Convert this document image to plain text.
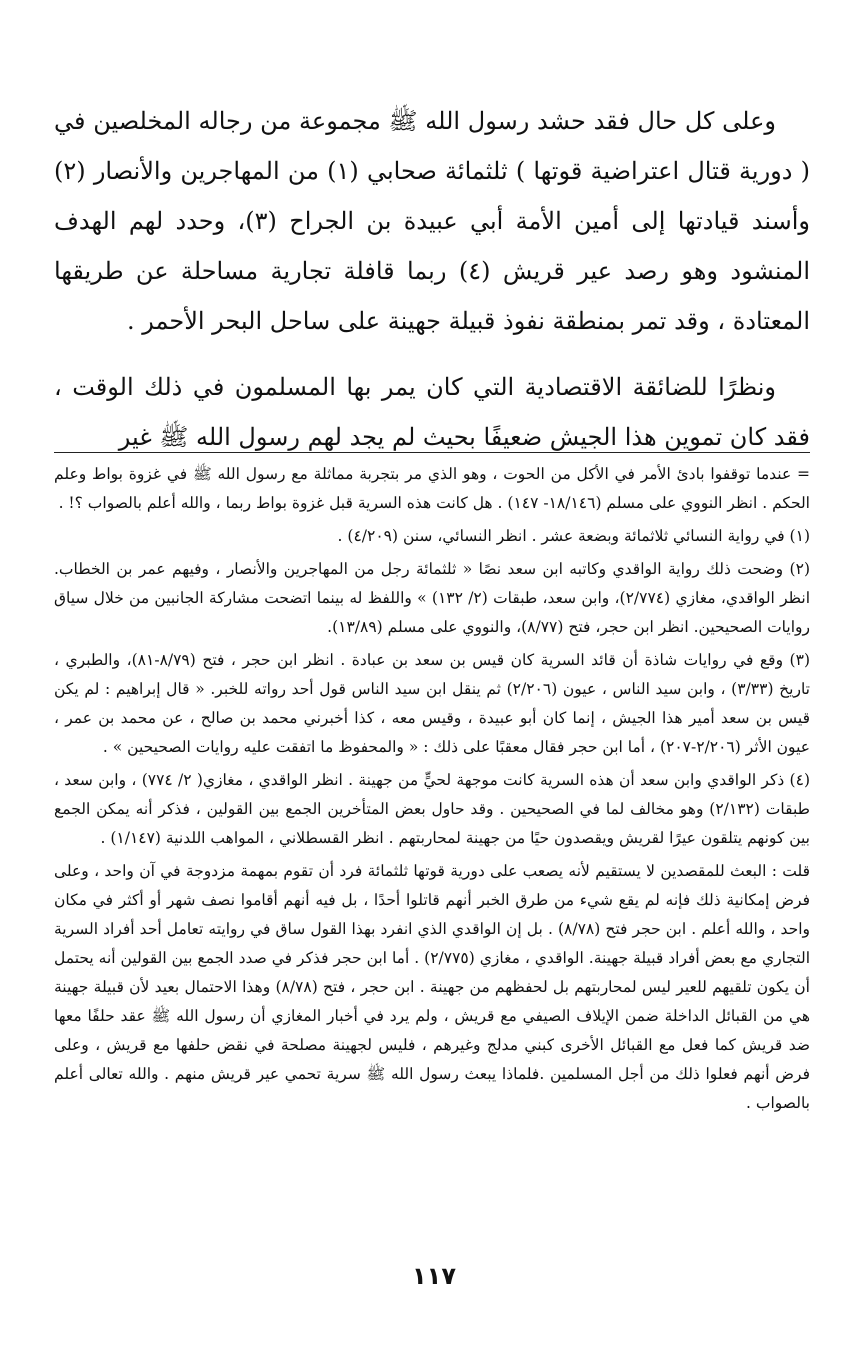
وعلى كل حال فقد حشد رسول الله ﷺ مجموعة من رجاله المخلصين في ( دورية قتال اعتراضية قوتها ) ثلثمائة صحابي (١) من المهاجرين والأنصار (٢) وأسند قيادتها إلى أمين الأمة أبي عبيدة بن الجراح (٣)، وحدد لهم الهدف المنشود وهو رصد عير قريش (٤) ربما قافلة تجارية مساحلة عن طريقها المعتادة ، وقد تمر بمنطقة نفوذ قبيلة جهينة على ساحل البحر الأحمر .

ونظرًا للضائقة الاقتصادية التي كان يمر بها المسلمون في ذلك الوقت ، فقد كان تموين هذا الجيش ضعيفًا بحيث لم يجد لهم رسول الله ﷺ غير

= عندما توقفوا بادئ الأمر في الأكل من الحوت ، وهو الذي مر بتجربة مماثلة مع رسول الله ﷺ في غزوة بواط وعلم الحكم . انظر النووي على مسلم (١٨/١٤٦- ١٤٧) . هل كانت هذه السرية قبل غزوة بواط ربما ، والله أعلم بالصواب ؟! .

(١) في رواية النسائي ثلاثمائة وبضعة عشر . انظر النسائي، سنن (٤/٢٠٩) .

(٢) وضحت ذلك رواية الواقدي وكاتبه ابن سعد نصًا « ثلثمائة رجل من المهاجرين والأنصار ، وفيهم عمر بن الخطاب. انظر الواقدي، مغازي (٢/٧٧٤)، وابن سعد، طبقات (٢/ ١٣٢) » واللفظ له بينما اتضحت مشاركة الجانبين من خلال سياق روايات الصحيحين. انظر ابن حجر، فتح (٨/٧٧)، والنووي على مسلم (١٣/٨٩).

(٣) وقع في روايات شاذة أن قائد السرية كان قيس بن سعد بن عبادة . انظر ابن حجر ، فتح (٨/٧٩-٨١)، والطبري ، تاريخ (٣/٣٣) ، وابن سيد الناس ، عيون (٢/٢٠٦) ثم ينقل ابن سيد الناس قول أحد رواته للخبر. « قال إبراهيم : لم يكن قيس بن سعد أمير هذا الجيش ، إنما كان أبو عبيدة ، وقيس معه ، كذا أخبرني محمد بن صالح ، عن محمد بن عمر ، عيون الأثر (٢/٢٠٦-٢٠٧) ، أما ابن حجر فقال معقبًا على ذلك : « والمحفوظ ما اتفقت عليه روايات الصحيحين » .

(٤) ذكر الواقدي وابن سعد أن هذه السرية كانت موجهة لحيٍّ من جهينة . انظر الواقدي ، مغازي( ٢/ ٧٧٤) ، وابن سعد ، طبقات (٢/١٣٢) وهو مخالف لما في الصحيحين . وقد حاول بعض المتأخرين الجمع بين القولين ، فذكر أنه يمكن الجمع بين كونهم يتلقون عيرًا لقريش ويقصدون حيًا من جهينة لمحاربتهم . انظر القسطلاني ، المواهب اللدنية (١/١٤٧) .

قلت : البعث للمقصدين لا يستقيم لأنه يصعب على دورية قوتها ثلثمائة فرد أن تقوم بمهمة مزدوجة في آن واحد ، وعلى فرض إمكانية ذلك فإنه لم يقع شيء من طرق الخبر أنهم قاتلوا أحدًا ، بل فيه أنهم أقاموا نصف شهر أو أكثر في مكان واحد ، والله أعلم . ابن حجر فتح (٨/٧٨) . بل إن الواقدي الذي انفرد بهذا القول ساق في روايته تعامل أحد أفراد السرية التجاري مع بعض أفراد قبيلة جهينة. الواقدي ، مغازي (٢/٧٧٥) . أما ابن حجر فذكر في صدد الجمع بين القولين أنه يحتمل أن يكون تلقيهم للعير ليس لمحاربتهم بل لحفظهم من جهينة . ابن حجر ، فتح (٨/٧٨) وهذا الاحتمال بعيد لأن قبيلة جهينة هي من القبائل الداخلة ضمن الإيلاف الصيفي مع قريش ، ولم يرد في أخبار المغازي أن رسول الله ﷺ عقد حلفًا معها ضد قريش كما فعل مع القبائل الأخرى كبني مدلج وغيرهم ، فليس لجهينة مصلحة في نقض حلفها مع قريش ، وعلى فرض أنهم فعلوا ذلك من أجل المسلمين .فلماذا يبعث رسول الله ﷺ سرية تحمي عير قريش منهم . والله تعالى أعلم بالصواب .

١١٧
